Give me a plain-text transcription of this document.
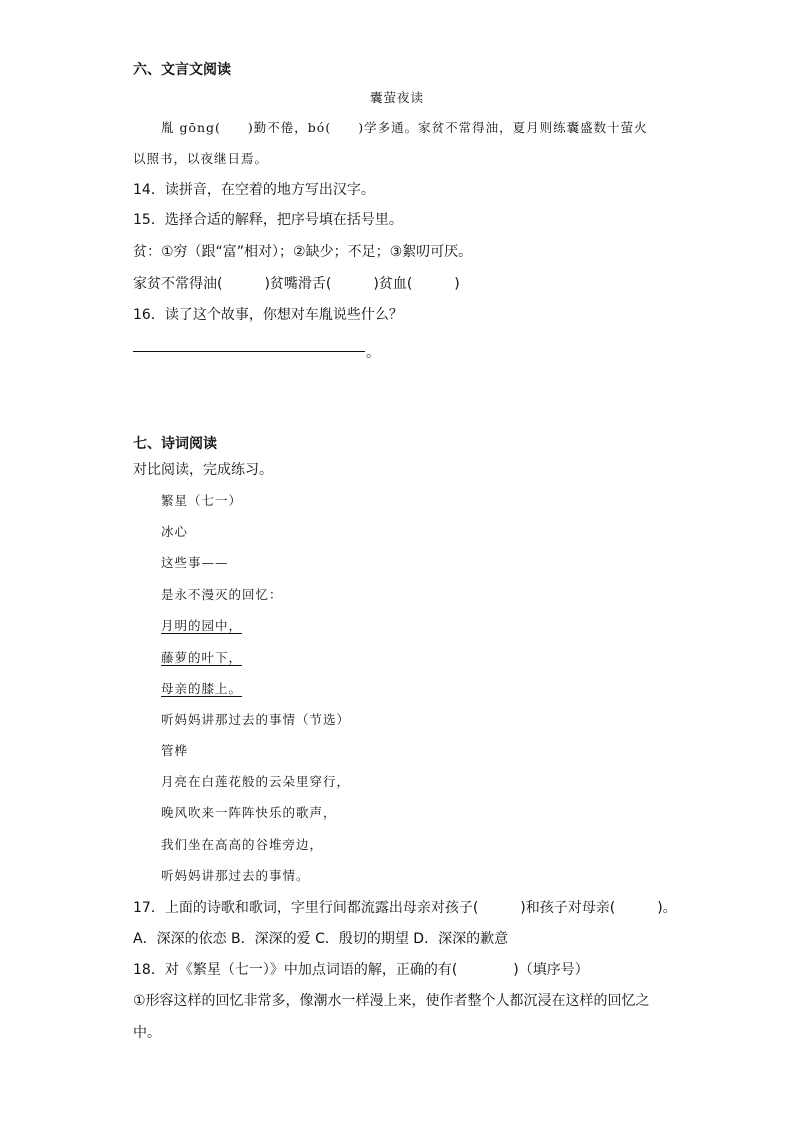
六、文言文阅读
囊萤夜读
胤 gōng(　　)勤不倦，bó(　　)学多通。家贫不常得油，夏月则练囊盛数十萤火
以照书，以夜继日焉。
14．读拼音，在空着的地方写出汉字。
15．选择合适的解释，把序号填在括号里。
贫：①穷（跟“富”相对）；②缺少；不足；③絮叨可厌。
家贫不常得油(　　　)贫嘴滑舌(　　　)贫血(　　　)
16．读了这个故事，你想对车胤说些什么？
。
七、诗词阅读
对比阅读，完成练习。
繁星（七一）
冰心
这些事——
是永不漫灭的回忆：
月明的园中，
藤萝的叶下，
母亲的膝上。
听妈妈讲那过去的事情（节选）
管桦
月亮在白莲花般的云朵里穿行，
晚风吹来一阵阵快乐的歌声，
我们坐在高高的谷堆旁边，
听妈妈讲那过去的事情。
17．上面的诗歌和歌词，字里行间都流露出母亲对孩子(　　　)和孩子对母亲(　　　)。
A．深深的依恋 B．深深的爱 C．殷切的期望 D．深深的歉意
18．对《繁星（七一）》中加点词语的解，正确的有(　　　　)（填序号）
①形容这样的回忆非常多，像潮水一样漫上来，使作者整个人都沉浸在这样的回忆之
中。
